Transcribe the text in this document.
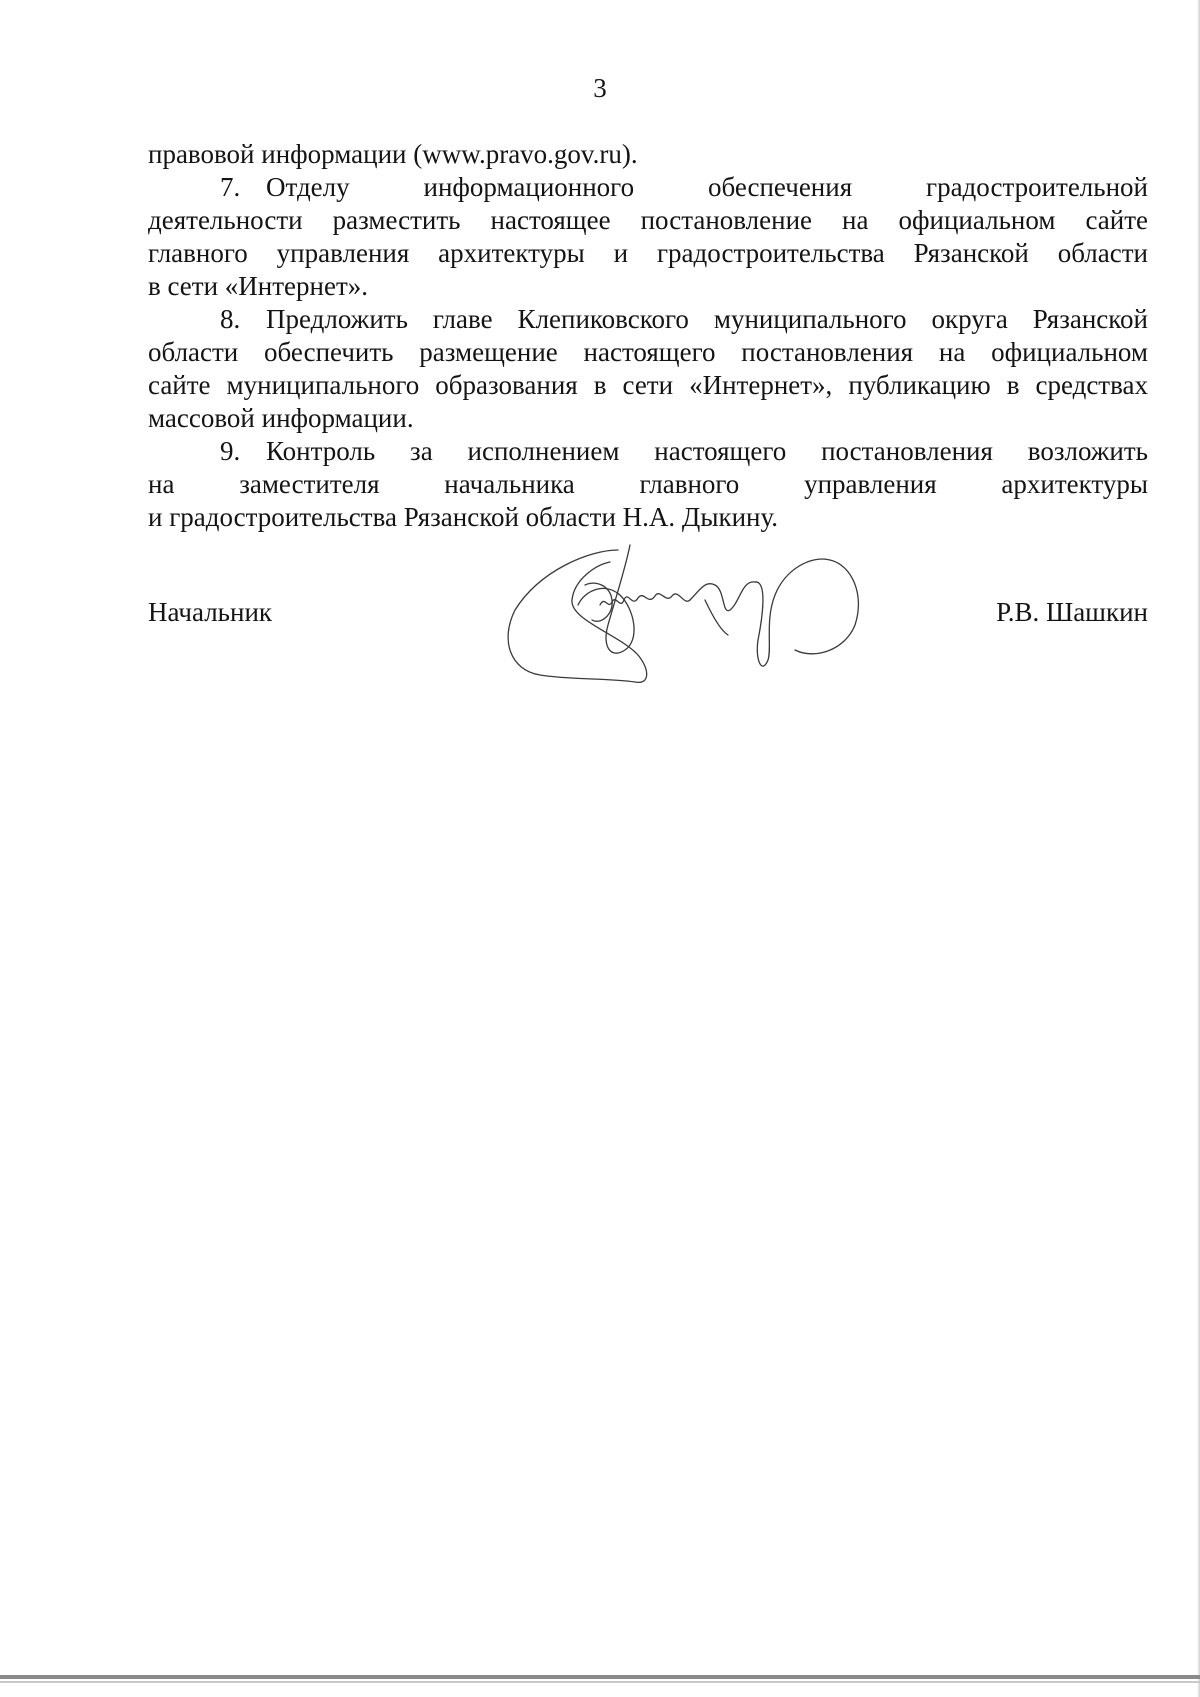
3
правовой информации (www.pravo.gov.ru).
7. Отделу информационного обеспечения градостроительной
деятельности разместить настоящее постановление на официальном сайте
главного управления архитектуры и градостроительства Рязанской области
в сети «Интернет».
8. Предложить главе Клепиковского муниципального округа Рязанской
области обеспечить размещение настоящего постановления на официальном
сайте муниципального образования в сети «Интернет», публикацию в средствах
массовой информации.
9. Контроль за исполнением настоящего постановления возложить
на заместителя начальника главного управления архитектуры
и градостроительства Рязанской области Н.А. Дыкину.
Начальник	Р.В. Шашкин
